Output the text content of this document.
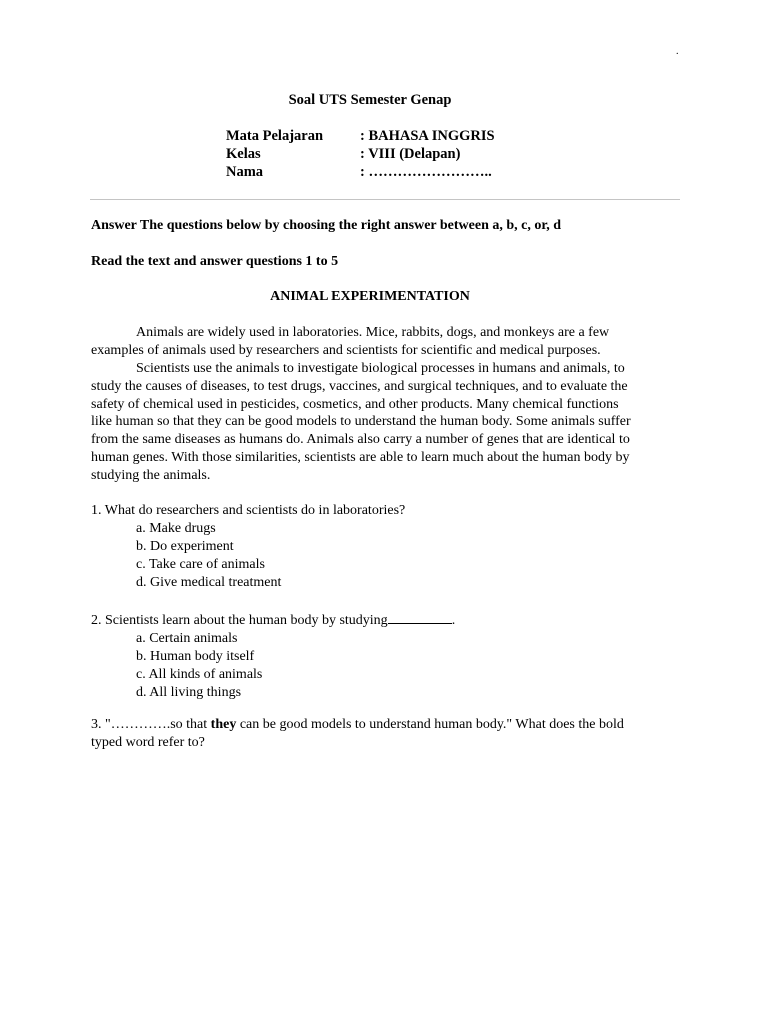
.
Soal UTS Semester Genap
Mata Pelajaran	: BAHASA INGGRIS
Kelas	: VIII (Delapan)
Nama	: ……………………..
Answer The questions below by choosing the right answer between a, b, c, or, d
Read the text and answer questions 1 to 5
ANIMAL EXPERIMENTATION
Animals are widely used in laboratories. Mice, rabbits, dogs, and monkeys are a few
examples of animals used by researchers and scientists for scientific and medical purposes.
Scientists use the animals to investigate biological processes in humans and animals, to
study the causes of diseases, to test drugs, vaccines, and surgical techniques, and to evaluate the
safety of chemical used in pesticides, cosmetics, and other products. Many chemical functions
like human so that they can be good models to understand the human body. Some animals suffer
from the same diseases as humans do. Animals also carry a number of genes that are identical to
human genes. With those similarities, scientists are able to learn much about the human body by
studying the animals.
1. What do researchers and scientists do in laboratories?
a. Make drugs
b. Do experiment
c. Take care of animals
d. Give medical treatment
2. Scientists learn about the human body by studying	.
a. Certain animals
b. Human body itself
c. All kinds of animals
d. All living things
3. "………….so that they can be good models to understand human body." What does the bold
typed word refer to?
